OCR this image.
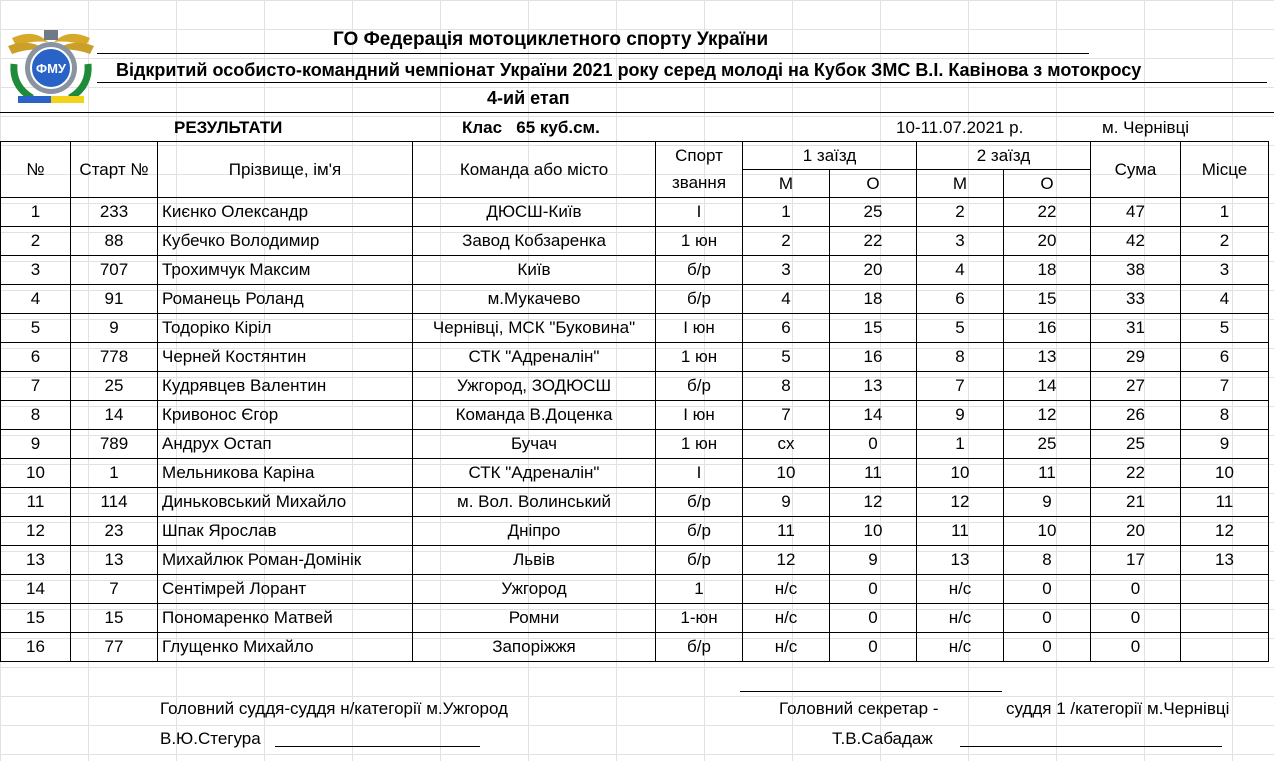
ФМУ
ГО Федерація мотоциклетного спорту України
Відкритий особисто-командний чемпіонат України 2021 року серед молоді на Кубок ЗМС В.І. Кавінова з мотокросу
4-ий етап
РЕЗУЛЬТАТИ	Клас   65 куб.см.	10-11.07.2021 р.	м. Чернівці
№	Старт №	Прізвище, ім'я	Команда або місто	Спорт	1 заїзд		2 заїзд		Сума	Місце
				звання	М	О	М	О		
1	233	Києнко Олександр	ДЮСШ-Київ	І	1	25	2	22	47	1
2	88	Кубечко Володимир	Завод Кобзаренка	1 юн	2	22	3	20	42	2
3	707	Трохимчук Максим	Київ	б/р	3	20	4	18	38	3
4	91	Романець Роланд	м.Мукачево	б/р	4	18	6	15	33	4
5	9	Тодоріко Кіріл	Чернівці, МСК "Буковина"	І юн	6	15	5	16	31	5
6	778	Черней Костянтин	СТК "Адреналін"	1 юн	5	16	8	13	29	6
7	25	Кудрявцев Валентин	Ужгород, ЗОДЮСШ	б/р	8	13	7	14	27	7
8	14	Кривонос Єгор	Команда В.Доценка	І юн	7	14	9	12	26	8
9	789	Андрух Остап	Бучач	1 юн	сх	0	1	25	25	9
10	1	Мельникова Каріна	СТК "Адреналін"	І	10	11	10	11	22	10
11	114	Диньковський Михайло	м. Вол. Волинський	б/р	9	12	12	9	21	11
12	23	Шпак Ярослав	Дніпро	б/р	11	10	11	10	20	12
13	13	Михайлюк Роман-Домінік	Львів	б/р	12	9	13	8	17	13
14	7	Сентімрей Лорант	Ужгород	1	н/с	0	н/с	0	0	
15	15	Пономаренко Матвей	Ромни	1-юн	н/с	0	н/с	0	0	
16	77	Глущенко Михайло	Запоріжжя	б/р	н/с	0	н/с	0	0	
Головний суддя-суддя н/категорії м.Ужгород
В.Ю.Стегура
Головний секретар -	суддя 1 /категорії м.Чернівці
Т.В.Сабадаж
